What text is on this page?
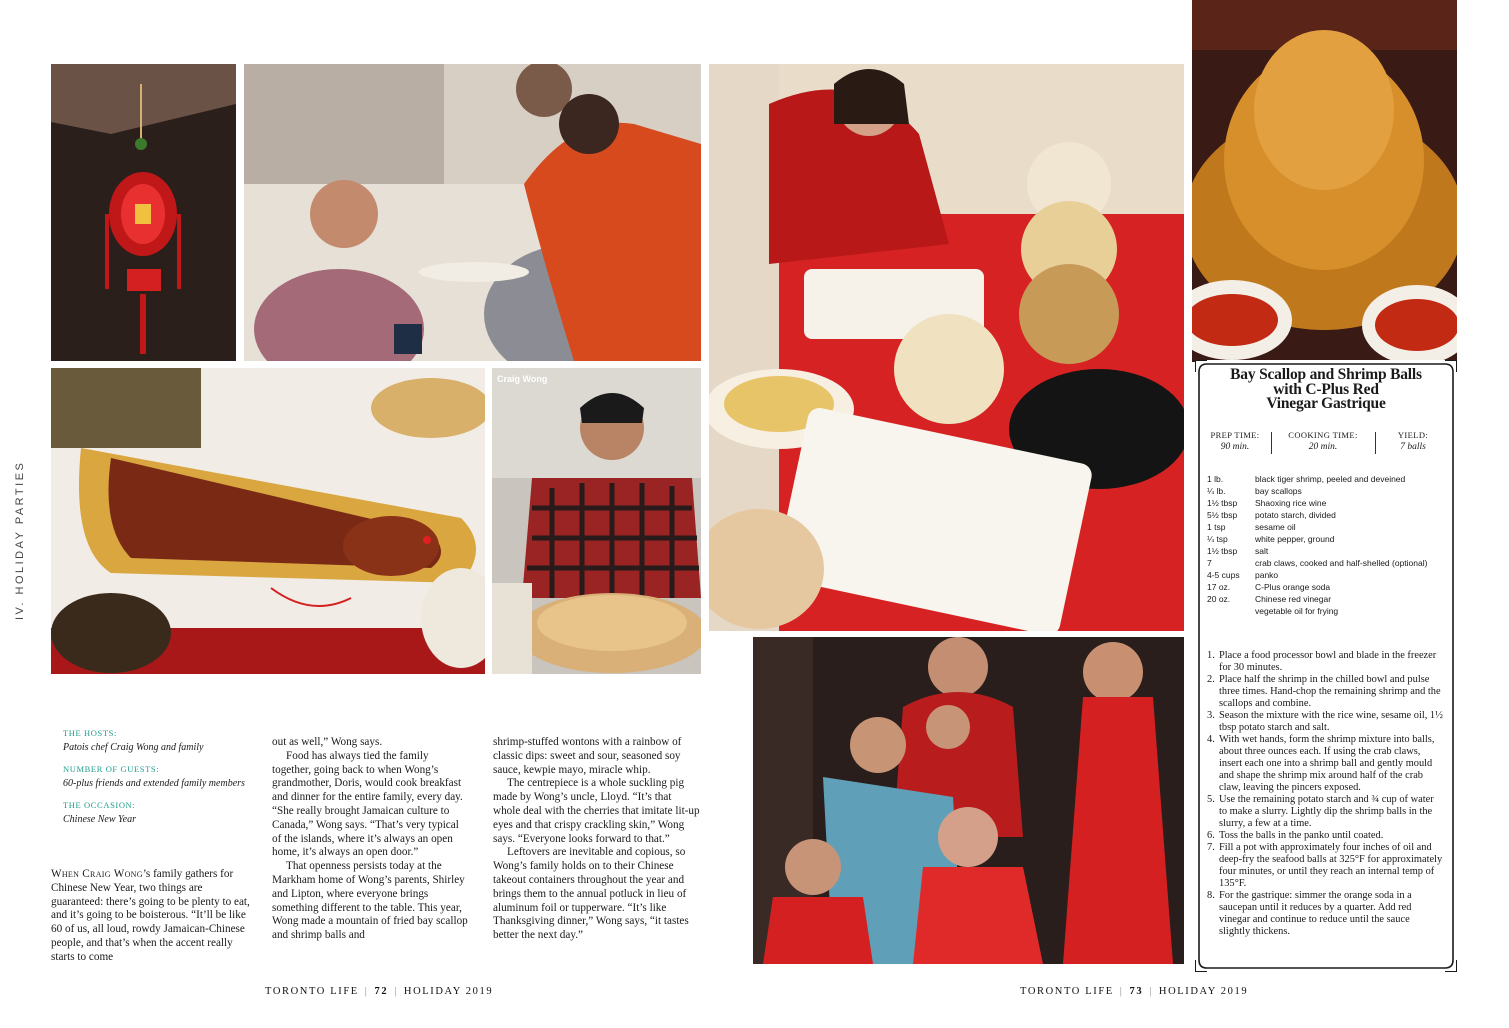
Craig Wong
IV. HOLIDAY PARTIES
THE HOSTS:
Patois chef Craig Wong and family
NUMBER OF GUESTS:
60-plus friends and extended family members
THE OCCASION:
Chinese New Year

When Craig Wong’s family gathers for Chinese New Year, two things are guaranteed: there’s going to be plenty to eat, and it’s going to be boisterous. “It’ll be like 60 of us, all loud, rowdy Jamaican-Chinese people, and that’s when the accent really starts to come

out as well,” Wong says.

Food has always tied the family together, going back to when Wong’s grandmother, Doris, would cook breakfast and dinner for the entire family, every day. “She really brought Jamaican culture to Canada,” Wong says. “That’s very typical of the islands, where it’s always an open home, it’s always an open door.”

That openness persists today at the Markham home of Wong’s parents, Shirley and Lipton, where everyone brings something different to the table. This year, Wong made a mountain of fried bay scallop and shrimp balls and

shrimp-stuffed wontons with a rainbow of classic dips: sweet and sour, seasoned soy sauce, kewpie mayo, miracle whip.

The centrepiece is a whole suckling pig made by Wong’s uncle, Lloyd. “It’s that whole deal with the cherries that imitate lit-up eyes and that crispy crackling skin,” Wong says. “Everyone looks forward to that.”

Leftovers are inevitable and copious, so Wong’s family holds on to their Chinese takeout containers throughout the year and brings them to the annual potluck in lieu of aluminum foil or tupperware. “It’s like Thanksgiving dinner,” Wong says, “it tastes better the next day.”

TORONTO LIFE | 72 | HOLIDAY 2019	TORONTO LIFE | 73 | HOLIDAY 2019
Bay Scallop and Shrimp Balls
with C-Plus Red
Vinegar Gastrique
PREP TIME:
90 min.
COOKING TIME:
20 min.
YIELD:
7 balls
1 lb.	black tiger shrimp, peeled and deveined
¼ lb.	bay scallops
1½ tbsp	Shaoxing rice wine
5½ tbsp	potato starch, divided
1 tsp	sesame oil
¼ tsp	white pepper, ground
1½ tbsp	salt
7	crab claws, cooked and half-shelled (optional)
4-5 cups	panko
17 oz.	C-Plus orange soda
20 oz.	Chinese red vinegar
vegetable oil for frying
1. Place a food processor bowl and blade in the freezer for 30 minutes.
2. Place half the shrimp in the chilled bowl and pulse three times. Hand-chop the remaining shrimp and the scallops and combine.
3. Season the mixture with the rice wine, sesame oil, 1½ tbsp potato starch and salt.
4. With wet hands, form the shrimp mixture into balls, about three ounces each. If using the crab claws, insert each one into a shrimp ball and gently mould and shape the shrimp mix around half of the crab claw, leaving the pincers exposed.
5. Use the remaining potato starch and ¾ cup of water to make a slurry. Lightly dip the shrimp balls in the slurry, a few at a time.
6. Toss the balls in the panko until coated.
7. Fill a pot with approximately four inches of oil and deep-fry the seafood balls at 325°F for approximately four minutes, or until they reach an internal temp of 135°F.
8. For the gastrique: simmer the orange soda in a saucepan until it reduces by a quarter. Add red vinegar and continue to reduce until the sauce slightly thickens.
